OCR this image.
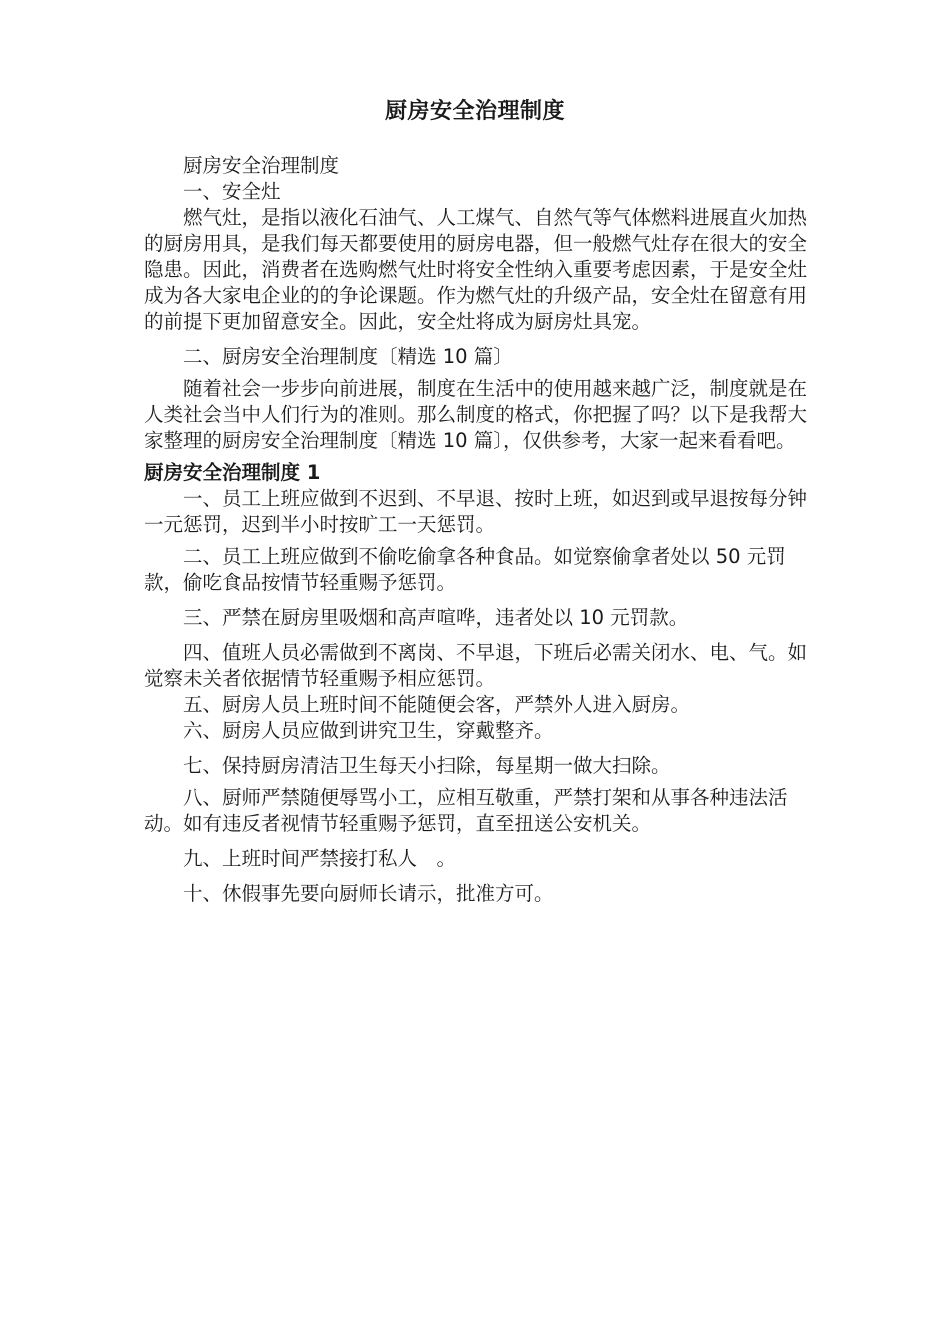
厨房安全治理制度

厨房安全治理制度

一、安全灶

燃气灶，是指以液化石油气、人工煤气、自然气等气体燃料进展直火加热的厨房用具，是我们每天都要使用的厨房电器，但一般燃气灶存在很大的安全隐患。因此，消费者在选购燃气灶时将安全性纳入重要考虑因素，于是安全灶成为各大家电企业的的争论课题。作为燃气灶的升级产品，安全灶在留意有用的前提下更加留意安全。因此，安全灶将成为厨房灶具宠。

二、厨房安全治理制度〔精选 10 篇〕

随着社会一步步向前进展，制度在生活中的使用越来越广泛，制度就是在人类社会当中人们行为的准则。那么制度的格式，你把握了吗？以下是我帮大家整理的厨房安全治理制度〔精选 10 篇〕，仅供参考，大家一起来看看吧。

厨房安全治理制度 1

一、员工上班应做到不迟到、不早退、按时上班，如迟到或早退按每分钟一元惩罚，迟到半小时按旷工一天惩罚。

二、员工上班应做到不偷吃偷拿各种食品。如觉察偷拿者处以 50 元罚款，偷吃食品按情节轻重赐予惩罚。

三、严禁在厨房里吸烟和高声喧哗，违者处以 10 元罚款。

四、值班人员必需做到不离岗、不早退，下班后必需关闭水、电、气。如觉察未关者依据情节轻重赐予相应惩罚。

五、厨房人员上班时间不能随便会客，严禁外人进入厨房。

六、厨房人员应做到讲究卫生，穿戴整齐。

七、保持厨房清洁卫生每天小扫除，每星期一做大扫除。

八、厨师严禁随便辱骂小工，应相互敬重，严禁打架和从事各种违法活动。如有违反者视情节轻重赐予惩罚，直至扭送公安机关。

九、上班时间严禁接打私人　。

十、休假事先要向厨师长请示，批准方可。
